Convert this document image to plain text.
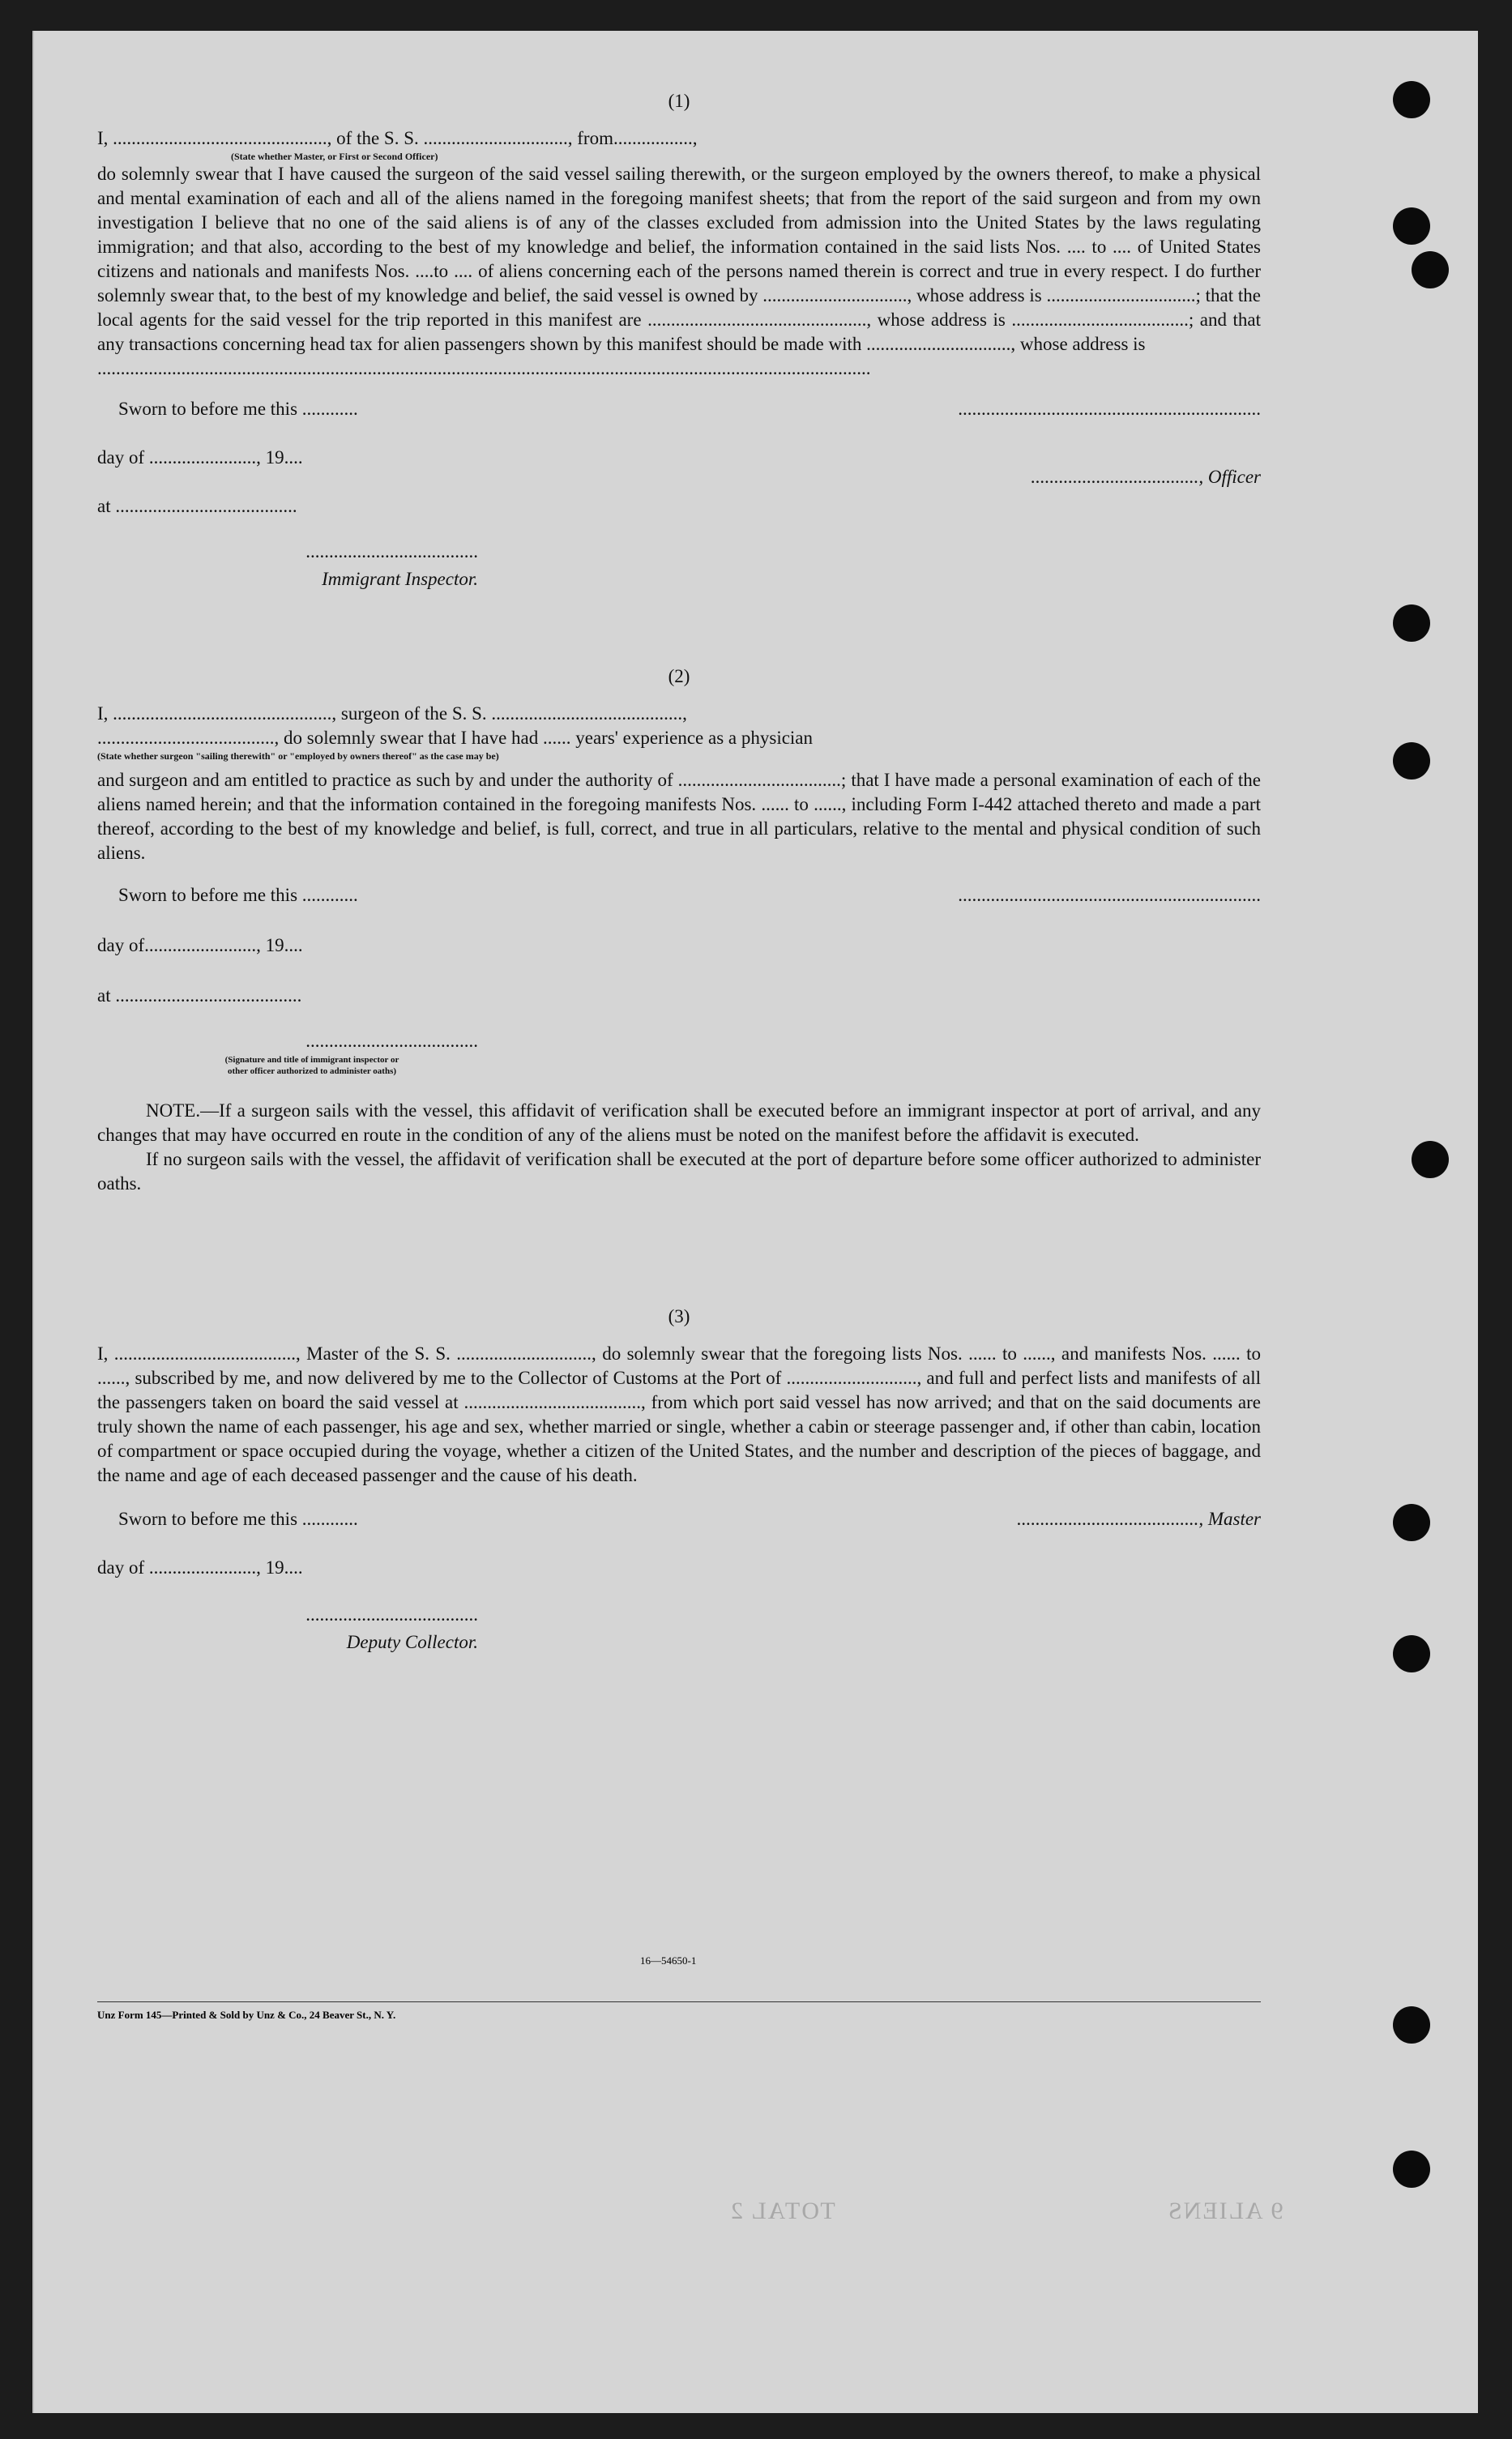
(1)

I, .............................................., of the S. S. ..............................., from.................,

(State whether Master, or First or Second Officer)

do solemnly swear that I have caused the surgeon of the said vessel sailing therewith, or the surgeon employed by the owners thereof, to make a physical and mental examination of each and all of the aliens named in the foregoing manifest sheets; that from the report of the said surgeon and from my own investigation I believe that no one of the said aliens is of any of the classes excluded from admission into the United States by the laws regulating immigration; and that also, according to the best of my knowledge and belief, the information contained in the said lists Nos. .... to .... of United States citizens and nationals and manifests Nos. ....to .... of aliens concerning each of the persons named therein is correct and true in every respect. I do further solemnly swear that, to the best of my knowledge and belief, the said vessel is owned by ..............................., whose address is ................................; that the local agents for the said vessel for the trip reported in this manifest are ..............................................., whose address is ......................................; and that any transactions concerning head tax for alien passengers shown by this manifest should be made with ..............................., whose address is

......................................................................................................................................................................

Sworn to before me this ............
day of ......................., 19....
at .......................................
.....................................
Immigrant Inspector.
.................................................................
...................................., Officer

(2)

I, ..............................................., surgeon of the S. S. .........................................,

......................................, do solemnly swear that I have had ...... years' experience as a physician

(State whether surgeon "sailing therewith" or "employed by owners thereof" as the case may be)

and surgeon and am entitled to practice as such by and under the authority of ...................................; that I have made a personal examination of each of the aliens named herein; and that the information contained in the foregoing manifests Nos. ...... to ......, including Form I-442 attached thereto and made a part thereof, according to the best of my knowledge and belief, is full, correct, and true in all particulars, relative to the mental and physical condition of such aliens.

Sworn to before me this ............
day of........................, 19....
at ........................................
.....................................
(Signature and title of immigrant inspector or
other officer authorized to administer oaths)
.................................................................

NOTE.—If a surgeon sails with the vessel, this affidavit of verification shall be executed before an immigrant inspector at port of arrival, and any changes that may have occurred en route in the condition of any of the aliens must be noted on the manifest before the affidavit is executed.

If no surgeon sails with the vessel, the affidavit of verification shall be executed at the port of departure before some officer authorized to administer oaths.

(3)

I, ......................................., Master of the S. S. ............................., do solemnly swear that the foregoing lists Nos. ...... to ......, and manifests Nos. ...... to ......, subscribed by me, and now delivered by me to the Collector of Customs at the Port of ............................, and full and perfect lists and manifests of all the passengers taken on board the said vessel at ......................................, from which port said vessel has now arrived; and that on the said documents are truly shown the name of each passenger, his age and sex, whether married or single, whether a cabin or steerage passenger and, if other than cabin, location of compartment or space occupied during the voyage, whether a citizen of the United States, and the number and description of the pieces of baggage, and the name and age of each deceased passenger and the cause of his death.

Sworn to before me this ............
day of ......................., 19....
.....................................
Deputy Collector.
......................................., Master
16—54650-1
Unz Form 145—Printed & Sold by Unz & Co., 24 Beaver St., N. Y.
9 ALIENS
TOTAL 2
